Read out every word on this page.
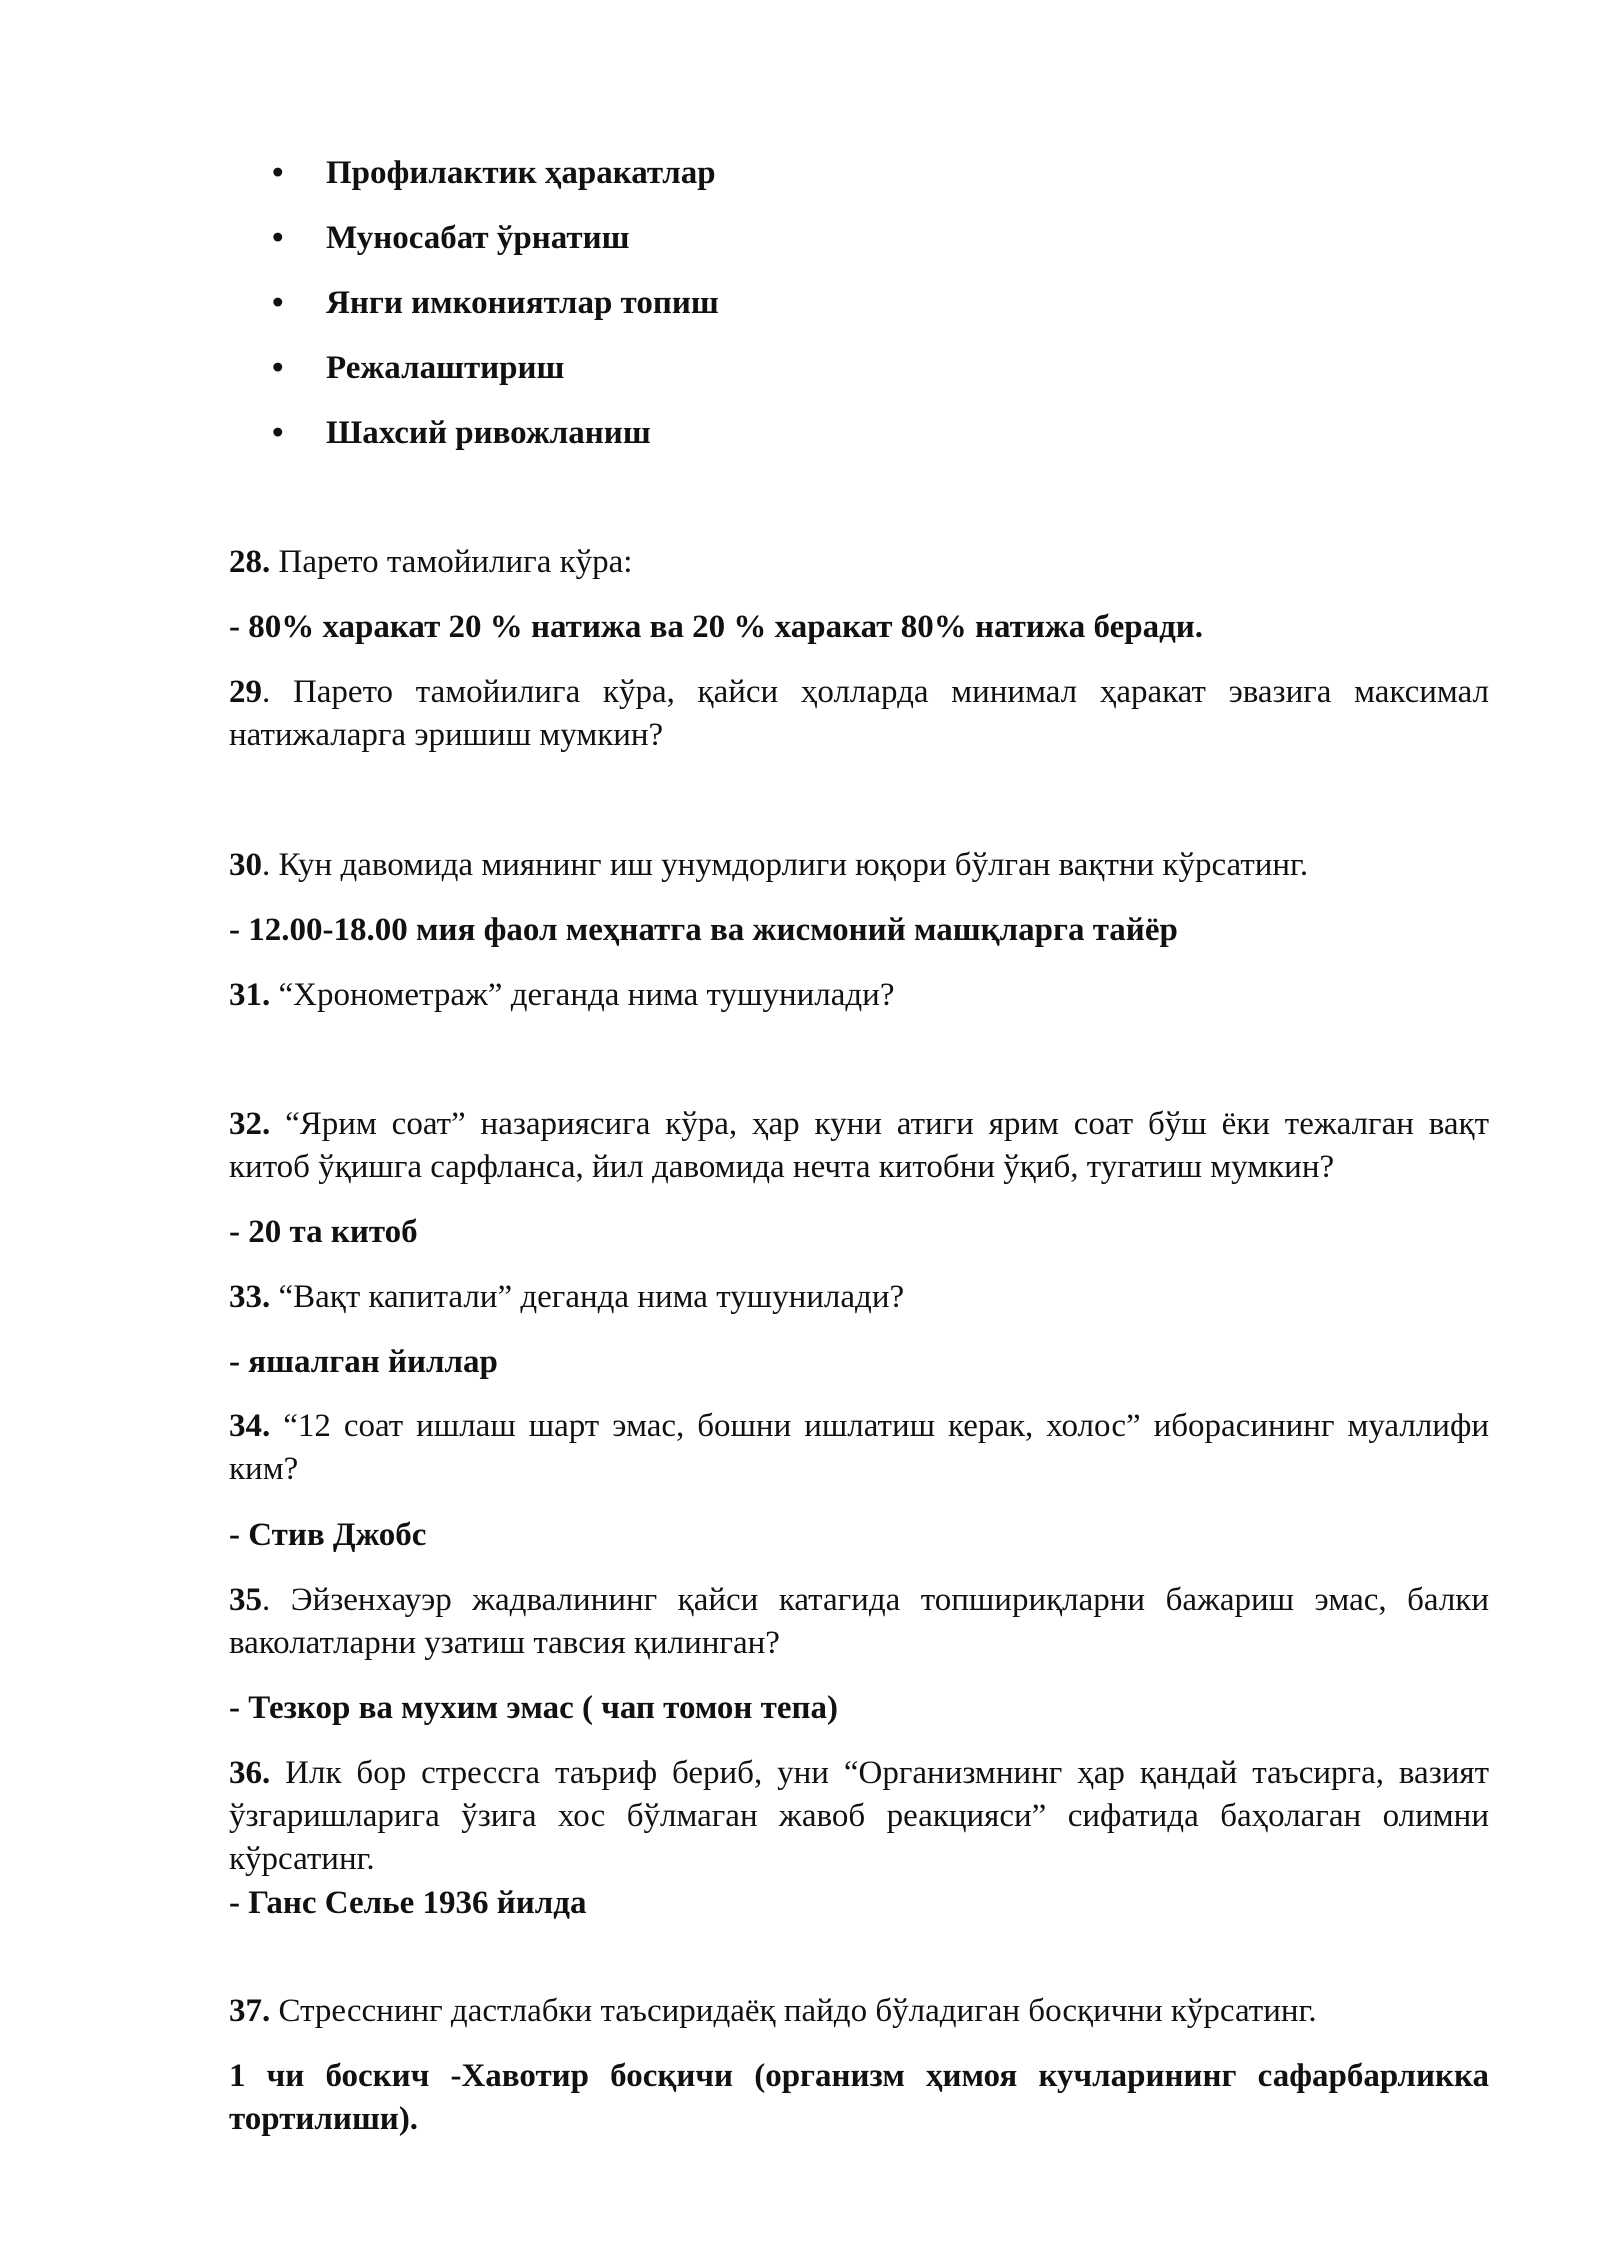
•	Профилактик ҳаракатлар
•	Муносабат ўрнатиш
•	Янги имкониятлар топиш
•	Режалаштириш
•	Шахсий ривожланиш

28. Парето тамойилига кўра:

- 80% харакат 20 % натижа ва 20 % харакат 80% натижа беради.

29. Парето тамойилига кўра, қайси ҳолларда минимал ҳаракат эвазига максимал натижаларга эришиш мумкин?

30. Кун давомида миянинг иш унумдорлиги юқори бўлган вақтни кўрсатинг.

- 12.00-18.00 мия фаол меҳнатга ва жисмоний машқларга тайёр

31. “Хронометраж” деганда нима тушунилади?

32. “Ярим соат” назариясига кўра, ҳар куни атиги ярим соат бўш ёки тежалган вақт китоб ўқишга сарфланса, йил давомида нечта китобни ўқиб, тугатиш мумкин?

- 20 та китоб

33. “Вақт капитали” деганда нима тушунилади?

- яшалган йиллар

34. “12 соат ишлаш шарт эмас, бошни ишлатиш керак, холос” иборасининг муаллифи ким?

- Стив Джобс

35. Эйзенхауэр жадвалининг қайси катагида топшириқларни бажариш эмас, балки ваколатларни узатиш тавсия қилинган?

- Тезкор ва мухим эмас ( чап томон тепа)

36. Илк бор стрессга таъриф бериб, уни “Организмнинг ҳар қандай таъсирга, вазият ўзгаришларига ўзига хос бўлмаган жавоб реакцияси” сифатида баҳолаган олимни кўрсатинг.

- Ганс Селье 1936 йилда

37. Стресснинг дастлабки таъсиридаёқ пайдо бўладиган босқични кўрсатинг.

1 чи боскич -Хавотир босқичи (организм ҳимоя кучларининг сафарбарликка тортилиши).
